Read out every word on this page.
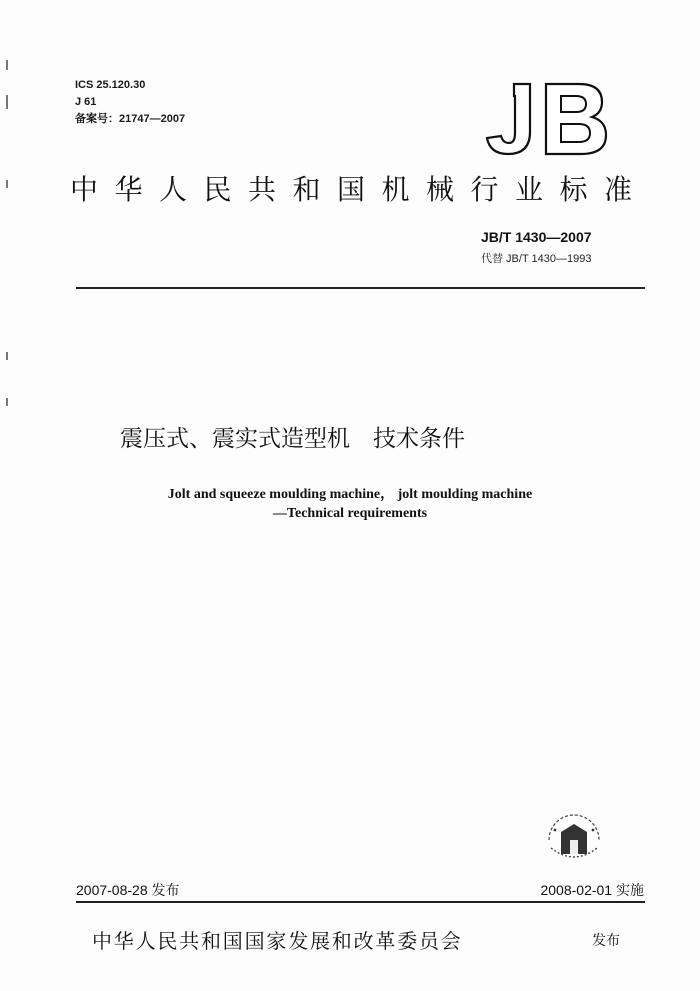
ICS 25.120.30
J 61
备案号：21747—2007
中华人民共和国机械行业标准
JB/T 1430—2007
代替 JB/T 1430—1993
震压式、震实式造型机　技术条件
Jolt and squeeze moulding machine， jolt moulding machine
—Technical requirements
2007-08-28 发布	2008-02-01 实施
中华人民共和国国家发展和改革委员会	发布
